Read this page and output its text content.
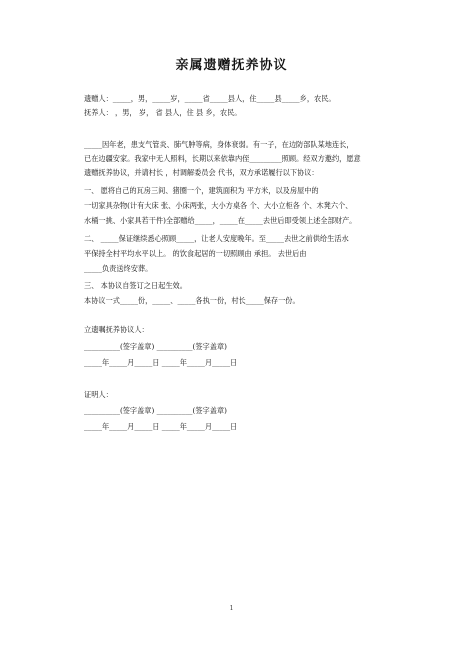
亲属遗赠抚养协议
遗赠人：_____，男，_____岁，_____省_____县人，住_____县_____乡，农民。
抚养人： ，男， 岁， 省 县人，住 县 乡，农民。
_____因年老，患支气管炎、肺气肿等病，身体衰弱。有一子，在边防部队某地连长，
已在边疆安家。我家中无人照料，长期以来依靠内侄_________照顾。经双方邀约，愿意
遗赠抚养协议，并请村长 ，村调解委员会 代书，双方承诺履行以下协议：
一、 愿将自己的瓦房三间、猪圈一个，建筑面积为 平方米，以及房屋中的
一切家具杂物(计有大床 张、小床两张，大小方桌各 个、大小立柜各 个、木凳六个、
水桶一挑、小家具若干件)全部赠给_____，_____在_____去世后即受领上述全部财产。
二、 _____保证继续悉心照顾_____，让老人安度晚年。至_____去世之前供给生活水
平保持全村平均水平以上。 的饮食起居的一切照顾由 承担。 去世后由
_____负责送终安葬。
三、 本协议自签订之日起生效。
本协议一式_____份，_____、_____各执一份，村长_____保存一份。
立遗嘱抚养协议人：
__________(签字盖章) __________(签字盖章)
_____年_____月_____日 _____年_____月_____日
证明人：
__________(签字盖章) __________(签字盖章)
_____年_____月_____日 _____年_____月_____日
1
